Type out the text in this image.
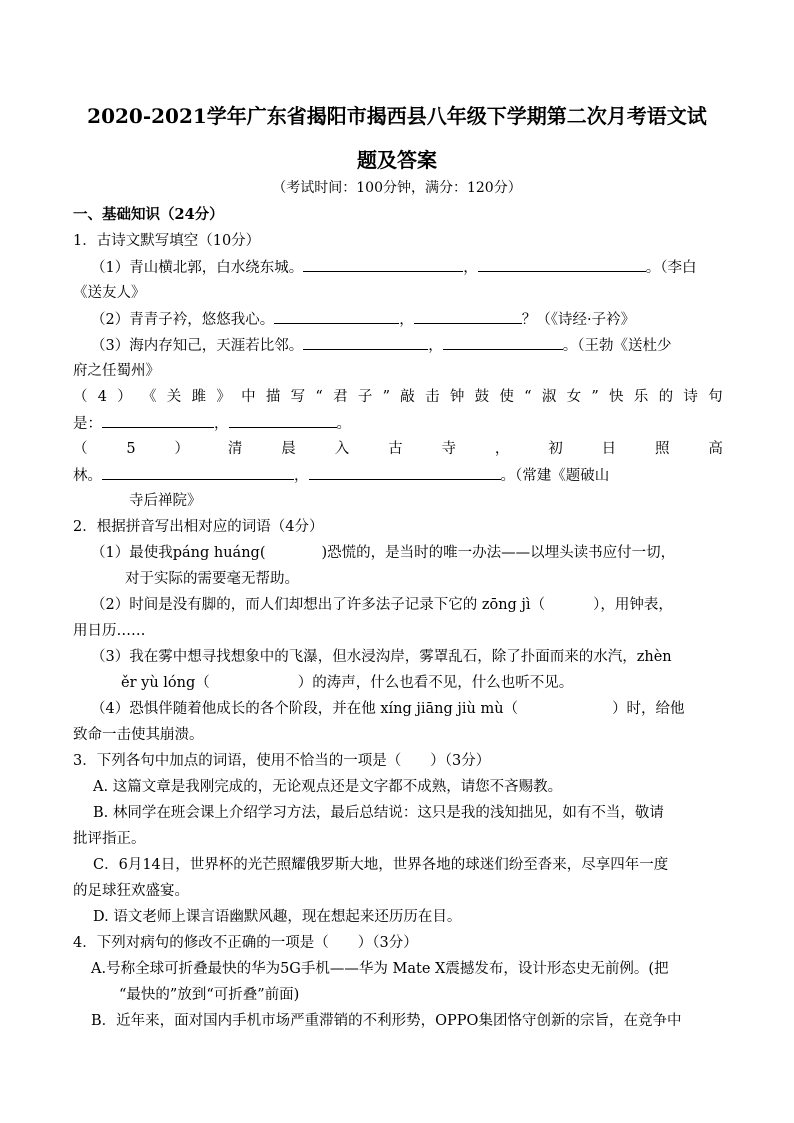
2020-2021学年广东省揭阳市揭西县八年级下学期第二次月考语文试
题及答案
（考试时间：100分钟，满分：120分）
一、基础知识（24分）
1．古诗文默写填空（10分）
（1）青山横北郭，白水绕东城。	，	。（李白
《送友人》
（2）青青子衿，悠悠我心。	，	？（《诗经·子衿》
（3）海内存知己，天涯若比邻。	，	。（王勃《送杜少
府之任蜀州》
（ 4 ） 《 关 雎 》 中 描 写 “ 君 子 ” 敲 击 钟 鼓 使 “ 淑 女 ” 快 乐 的 诗 句
是：	，	。
（	5	）	清	晨	入	古	寺	，	初	日	照	高
林。	，	。（常建《题破山
寺后禅院》
2．根据拼音写出相对应的词语（4分）
（1）最使我páng huáng(	)恐慌的，是当时的唯一办法——以埋头读书应付一切，
对于实际的需要毫无帮助。
（2）时间是没有脚的，而人们却想出了许多法子记录下它的 zōng jì（	），用钟表，
用日历……
（3）我在雾中想寻找想象中的飞瀑，但水浸沟岸，雾罩乱石，除了扑面而来的水汽，zhèn
ěr yù lóng（	）的涛声，什么也看不见，什么也听不见。
（4）恐惧伴随着他成长的各个阶段，并在他 xíng jiāng jiù mù（	）时，给他
致命一击使其崩溃。
3．下列各句中加点的词语，使用不恰当的一项是（　　）（3分）
A. 这篇文章是我刚完成的，无论观点还是文字都不成熟，请您不吝赐教。
B. 林同学在班会课上介绍学习方法，最后总结说：这只是我的浅知拙见，如有不当，敬请
批评指正。
C．6月14日，世界杯的光芒照耀俄罗斯大地，世界各地的球迷们纷至沓来，尽享四年一度
的足球狂欢盛宴。
D. 语文老师上课言语幽默风趣，现在想起来还历历在目。
4．下列对病句的修改不正确的一项是（　　）（3分）
A.号称全球可折叠最快的华为5G手机——华为 Mate X震撼发布，设计形态史无前例。(把
“最快的”放到“可折叠”前面)
B．近年来，面对国内手机市场严重滞销的不利形势，OPPO集团恪守创新的宗旨，在竞争中
